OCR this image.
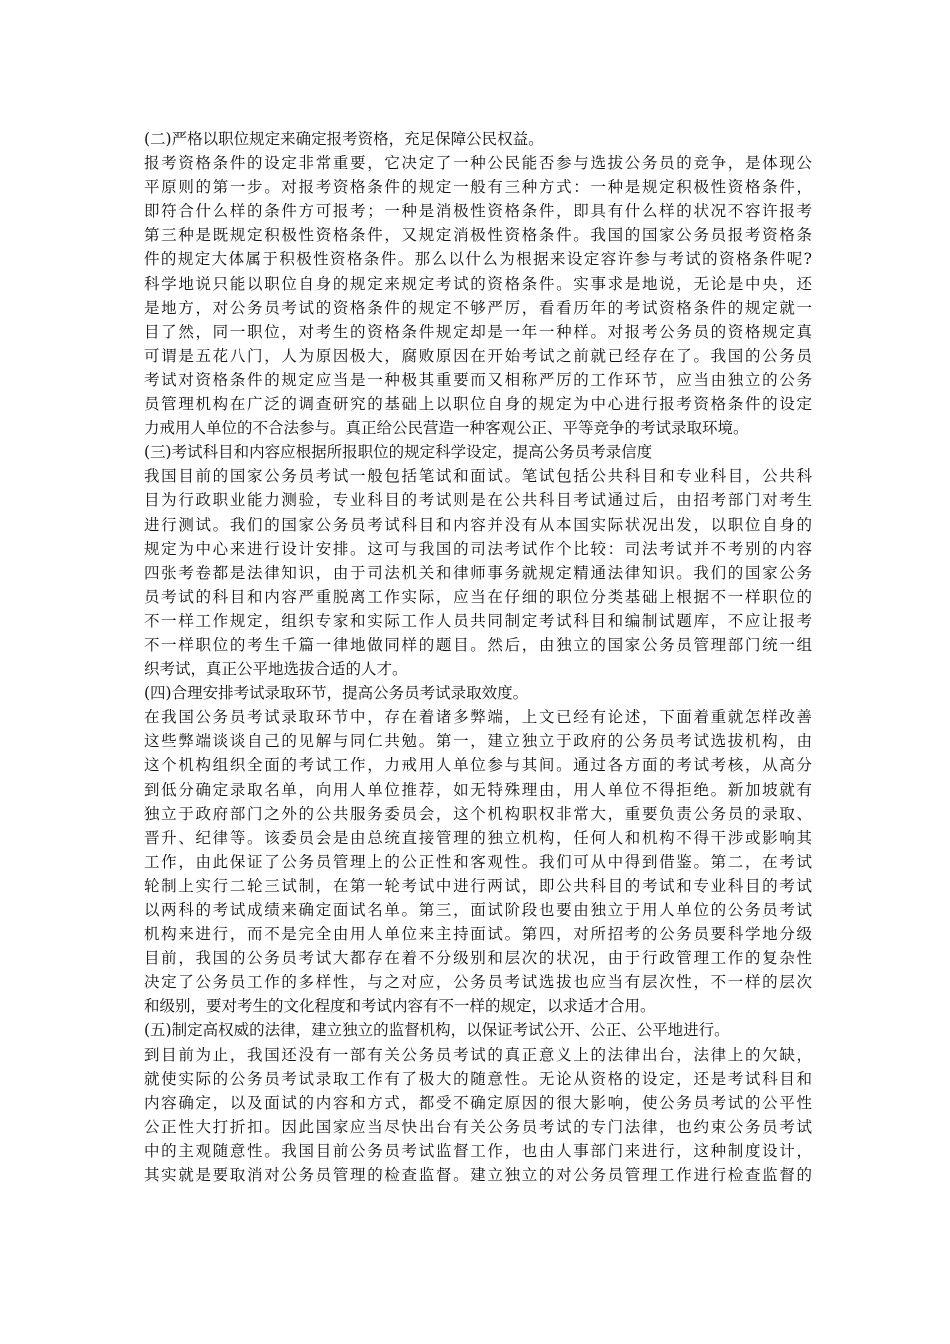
(二)严格以职位规定来确定报考资格，充足保障公民权益。
报考资格条件的设定非常重要，它决定了一种公民能否参与选拔公务员的竞争，是体现公
平原则的第一步。对报考资格条件的规定一般有三种方式：一种是规定积极性资格条件，
即符合什么样的条件方可报考；一种是消极性资格条件，即具有什么样的状况不容许报考
第三种是既规定积极性资格条件，又规定消极性资格条件。我国的国家公务员报考资格条
件的规定大体属于积极性资格条件。那么以什么为根据来设定容许参与考试的资格条件呢?
科学地说只能以职位自身的规定来规定考试的资格条件。实事求是地说，无论是中央，还
是地方，对公务员考试的资格条件的规定不够严厉，看看历年的考试资格条件的规定就一
目了然，同一职位，对考生的资格条件规定却是一年一种样。对报考公务员的资格规定真
可谓是五花八门，人为原因极大，腐败原因在开始考试之前就已经存在了。我国的公务员
考试对资格条件的规定应当是一种极其重要而又相称严厉的工作环节，应当由独立的公务
员管理机构在广泛的调查研究的基础上以职位自身的规定为中心进行报考资格条件的设定
力戒用人单位的不合法参与。真正给公民营造一种客观公正、平等竞争的考试录取环境。
(三)考试科目和内容应根据所报职位的规定科学设定，提高公务员考录信度
我国目前的国家公务员考试一般包括笔试和面试。笔试包括公共科目和专业科目，公共科
目为行政职业能力测验，专业科目的考试则是在公共科目考试通过后，由招考部门对考生
进行测试。我们的国家公务员考试科目和内容并没有从本国实际状况出发，以职位自身的
规定为中心来进行设计安排。这可与我国的司法考试作个比较：司法考试并不考别的内容
四张考卷都是法律知识，由于司法机关和律师事务就规定精通法律知识。我们的国家公务
员考试的科目和内容严重脱离工作实际，应当在仔细的职位分类基础上根据不一样职位的
不一样工作规定，组织专家和实际工作人员共同制定考试科目和编制试题库，不应让报考
不一样职位的考生千篇一律地做同样的题目。然后，由独立的国家公务员管理部门统一组
织考试，真正公平地选拔合适的人才。
(四)合理安排考试录取环节，提高公务员考试录取效度。
在我国公务员考试录取环节中，存在着诸多弊端，上文已经有论述，下面着重就怎样改善
这些弊端谈谈自己的见解与同仁共勉。第一，建立独立于政府的公务员考试选拔机构，由
这个机构组织全面的考试工作，力戒用人单位参与其间。通过各方面的考试考核，从高分
到低分确定录取名单，向用人单位推荐，如无特殊理由，用人单位不得拒绝。新加坡就有
独立于政府部门之外的公共服务委员会，这个机构职权非常大，重要负责公务员的录取、
晋升、纪律等。该委员会是由总统直接管理的独立机构，任何人和机构不得干涉或影响其
工作，由此保证了公务员管理上的公正性和客观性。我们可从中得到借鉴。第二，在考试
轮制上实行二轮三试制，在第一轮考试中进行两试，即公共科目的考试和专业科目的考试
以两科的考试成绩来确定面试名单。第三，面试阶段也要由独立于用人单位的公务员考试
机构来进行，而不是完全由用人单位来主持面试。第四，对所招考的公务员要科学地分级
目前，我国的公务员考试大都存在着不分级别和层次的状况，由于行政管理工作的复杂性
决定了公务员工作的多样性，与之对应，公务员考试选拔也应当有层次性，不一样的层次
和级别，要对考生的文化程度和考试内容有不一样的规定，以求适才合用。
(五)制定高权威的法律，建立独立的监督机构，以保证考试公开、公正、公平地进行。
到目前为止，我国还没有一部有关公务员考试的真正意义上的法律出台，法律上的欠缺，
就使实际的公务员考试录取工作有了极大的随意性。无论从资格的设定，还是考试科目和
内容确定，以及面试的内容和方式，都受不确定原因的很大影响，使公务员考试的公平性
公正性大打折扣。因此国家应当尽快出台有关公务员考试的专门法律，也约束公务员考试
中的主观随意性。我国目前公务员考试监督工作，也由人事部门来进行，这种制度设计，
其实就是要取消对公务员管理的检查监督。建立独立的对公务员管理工作进行检查监督的
